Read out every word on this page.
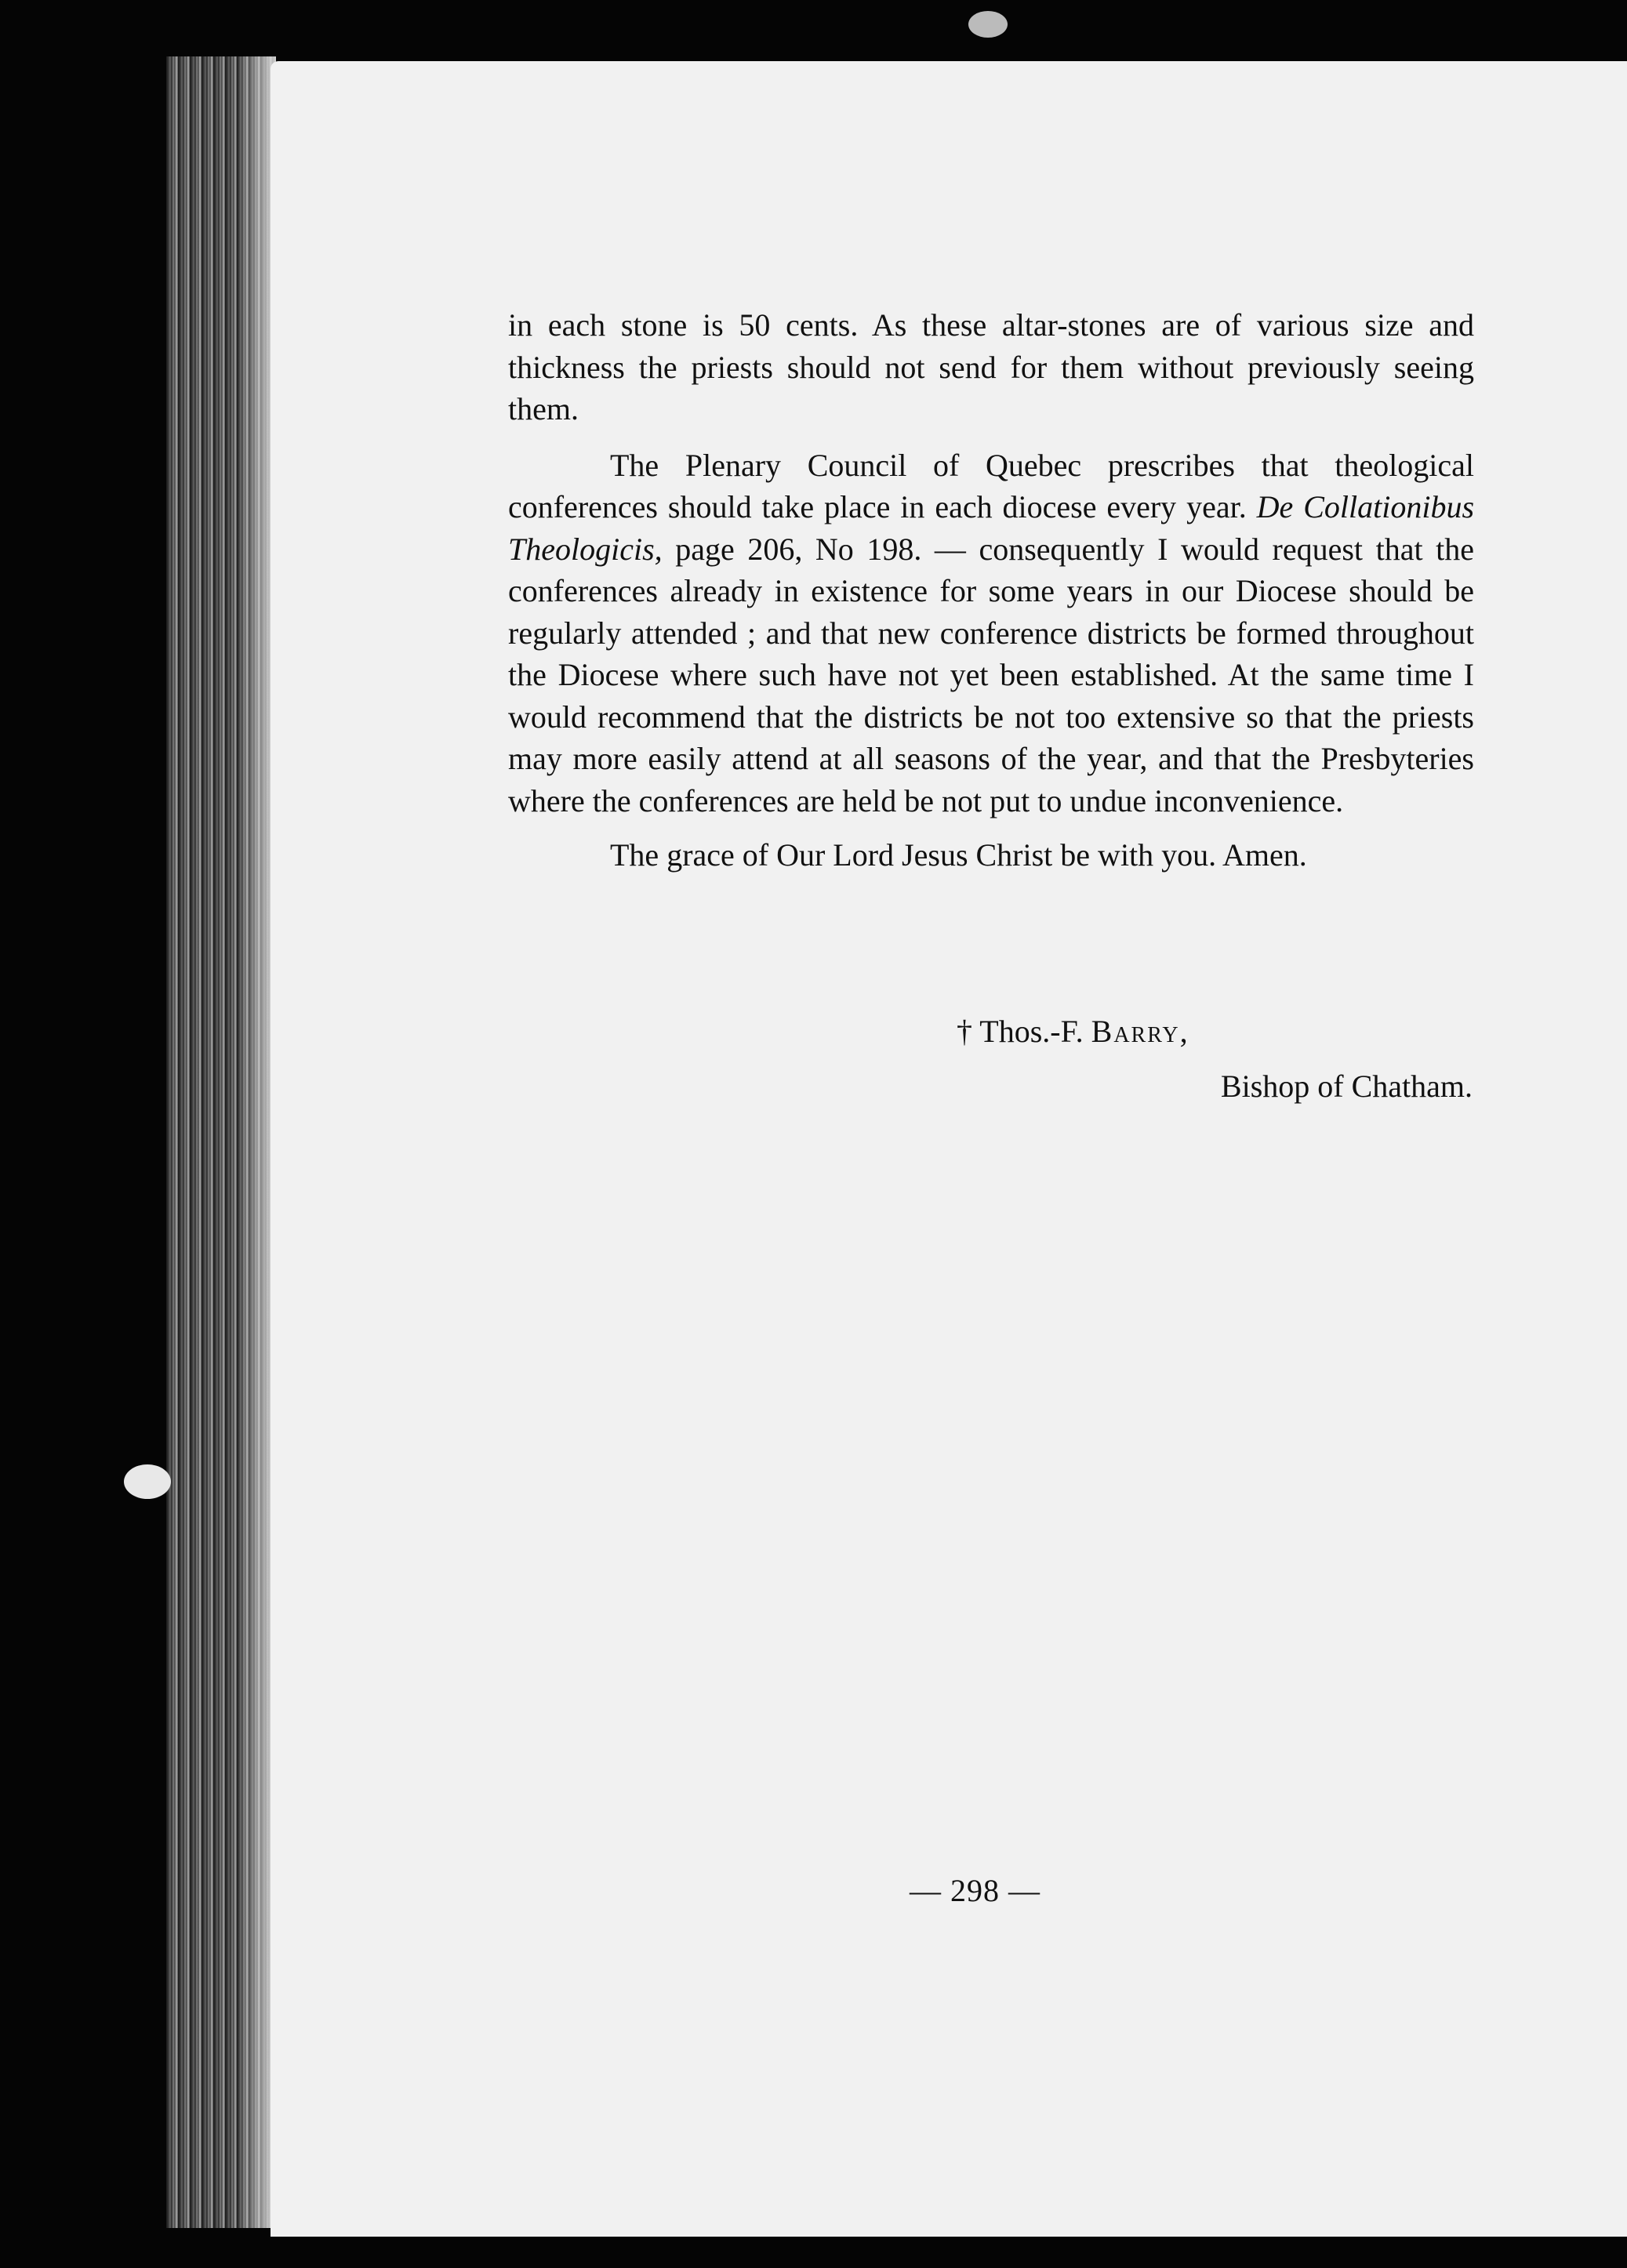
in each stone is 50 cents. As these altar-stones are of various size and thickness the priests should not send for them without previously seeing them.

The Plenary Council of Quebec prescribes that theological conferences should take place in each diocese every year. De Collationibus Theologicis, page 206, No 198. — consequently I would request that the conferences already in existence for some years in our Diocese should be regularly attended ; and that new conference districts be formed throughout the Diocese where such have not yet been established. At the same time I would recommend that the districts be not too extensive so that the priests may more easily attend at all seasons of the year, and that the Presbyteries where the conferences are held be not put to undue inconvenience.

The grace of Our Lord Jesus Christ be with you. Amen.

† Thos.-F. Barry,
Bishop of Chatham.
— 298 —
